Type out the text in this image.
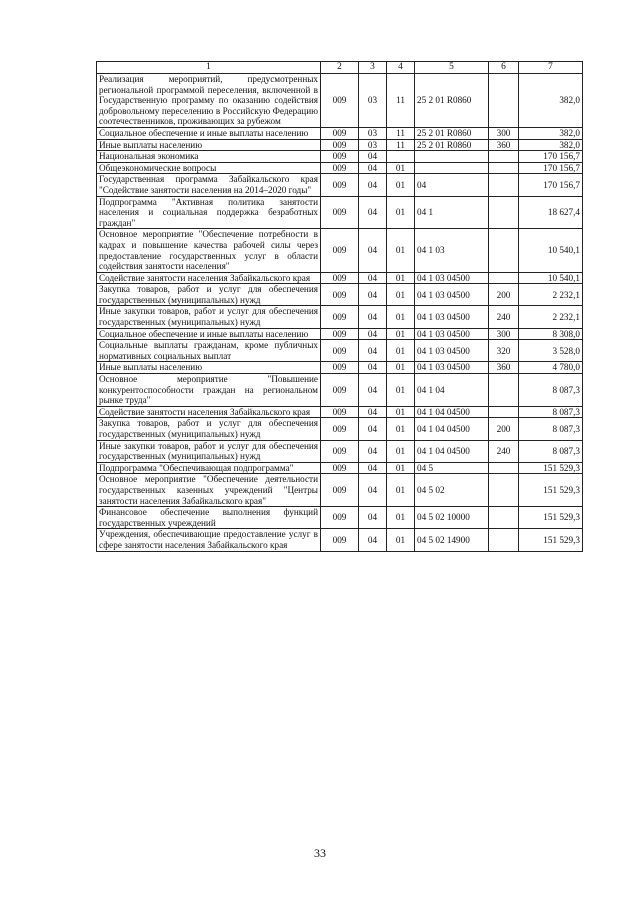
1	2	3	4	5	6	7
Реализация мероприятий, предусмотренных региональной программой переселения, включенной в Государственную программу по оказанию содействия добровольному переселению в Российскую Федерацию соотечественников, проживающих за рубежом	009	03	11	25 2 01 R0860		382,0
Социальное обеспечение и иные выплаты населению	009	03	11	25 2 01 R0860	300	382,0
Иные выплаты населению	009	03	11	25 2 01 R0860	360	382,0
Национальная экономика	009	04				170 156,7
Общеэкономические вопросы	009	04	01			170 156,7
Государственная программа Забайкальского края "Содействие занятости населения на 2014–2020 годы"	009	04	01	04		170 156,7
Подпрограмма "Активная политика занятости населения и социальная поддержка безработных граждан"	009	04	01	04 1		18 627,4
Основное мероприятие "Обеспечение потребности в кадрах и повышение качества рабочей силы через предоставление государственных услуг в области содействия занятости населения"	009	04	01	04 1 03		10 540,1
Содействие занятости населения Забайкальского края	009	04	01	04 1 03 04500		10 540,1
Закупка товаров, работ и услуг для обеспечения государственных (муниципальных) нужд	009	04	01	04 1 03 04500	200	2 232,1
Иные закупки товаров, работ и услуг для обеспечения государственных (муниципальных) нужд	009	04	01	04 1 03 04500	240	2 232,1
Социальное обеспечение и иные выплаты населению	009	04	01	04 1 03 04500	300	8 308,0
Социальные выплаты гражданам, кроме публичных нормативных социальных выплат	009	04	01	04 1 03 04500	320	3 528,0
Иные выплаты населению	009	04	01	04 1 03 04500	360	4 780,0
Основное мероприятие "Повышение конкурентоспособности граждан на региональном рынке труда"	009	04	01	04 1 04		8 087,3
Содействие занятости населения Забайкальского края	009	04	01	04 1 04 04500		8 087,3
Закупка товаров, работ и услуг для обеспечения государственных (муниципальных) нужд	009	04	01	04 1 04 04500	200	8 087,3
Иные закупки товаров, работ и услуг для обеспечения государственных (муниципальных) нужд	009	04	01	04 1 04 04500	240	8 087,3
Подпрограмма "Обеспечивающая подпрограмма"	009	04	01	04 5		151 529,3
Основное мероприятие "Обеспечение деятельности государственных казенных учреждений "Центры занятости населения Забайкальского края"	009	04	01	04 5 02		151 529,3
Финансовое обеспечение выполнения функций государственных учреждений	009	04	01	04 5 02 10000		151 529,3
Учреждения, обеспечивающие предоставление услуг в сфере занятости населения Забайкальского края	009	04	01	04 5 02 14900		151 529,3
33
